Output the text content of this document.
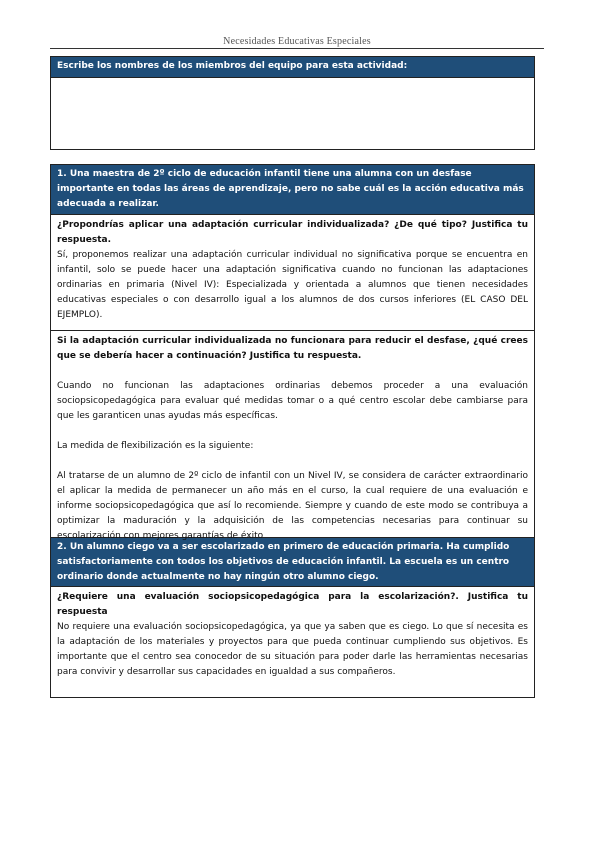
Necesidades Educativas Especiales
Escribe los nombres de los miembros del equipo para esta actividad:
1. Una maestra de 2º ciclo de educación infantil tiene una alumna con un desfase importante en todas las áreas de aprendizaje, pero no sabe cuál es la acción educativa más adecuada a realizar.

¿Propondrías aplicar una adaptación curricular individualizada? ¿De qué tipo? Justifica tu respuesta.

Sí, proponemos realizar una adaptación curricular individual no significativa porque se encuentra en infantil, solo se puede hacer una adaptación significativa cuando no funcionan las adaptaciones ordinarias en primaria (Nivel IV): Especializada y orientada a alumnos que tienen necesidades educativas especiales o con desarrollo igual a los alumnos de dos cursos inferiores (EL CASO DEL EJEMPLO).

Si la adaptación curricular individualizada no funcionara para reducir el desfase, ¿qué crees que se debería hacer a continuación? Justifica tu respuesta.

Cuando no funcionan las adaptaciones ordinarias debemos proceder a una evaluación sociopsicopedagógica para evaluar qué medidas tomar o a qué centro escolar debe cambiarse para que les garanticen unas ayudas más específicas.

La medida de flexibilización es la siguiente:

Al tratarse de un alumno de 2º ciclo de infantil con un Nivel IV, se considera de carácter extraordinario el aplicar la medida de permanecer un año más en el curso, la cual requiere de una evaluación e informe sociopsicopedagógica que así lo recomiende. Siempre y cuando de este modo se contribuya a optimizar la maduración y la adquisición de las competencias necesarias para continuar su escolarización con mejores garantías de éxito

2. Un alumno ciego va a ser escolarizado en primero de educación primaria. Ha cumplido satisfactoriamente con todos los objetivos de educación infantil. La escuela es un centro ordinario donde actualmente no hay ningún otro alumno ciego.

¿Requiere una evaluación sociopsicopedagógica para la escolarización?. Justifica tu respuesta

No requiere una evaluación sociopsicopedagógica, ya que ya saben que es ciego. Lo que sí necesita es la adaptación de los materiales y proyectos para que pueda continuar cumpliendo sus objetivos. Es importante que el centro sea conocedor de su situación para poder darle las herramientas necesarias para convivir y desarrollar sus capacidades en igualdad a sus compañeros.
